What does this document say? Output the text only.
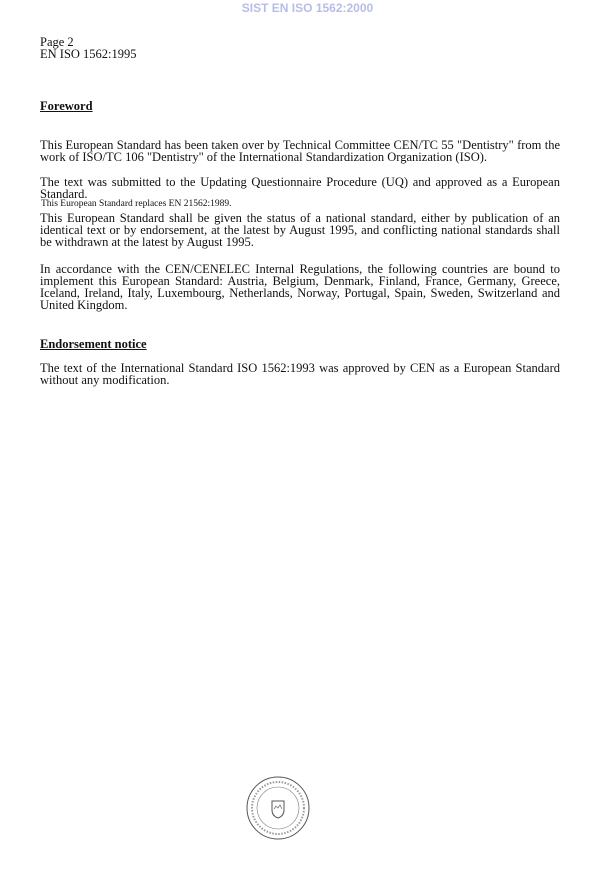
SIST EN ISO 1562:2000
Page 2
EN ISO 1562:1995
Foreword
This European Standard has been taken over by Technical Committee CEN/TC 55 "Dentistry" from the work of ISO/TC 106 "Dentistry" of the International Standardization Organization (ISO).
The text was submitted to the Updating Questionnaire Procedure (UQ) and approved as a European Standard.
This European Standard replaces EN 21562:1989.
This European Standard shall be given the status of a national standard, either by publication of an identical text or by endorsement, at the latest by August 1995, and conflicting national standards shall be withdrawn at the latest by August 1995.
In accordance with the CEN/CENELEC Internal Regulations, the following countries are bound to implement this European Standard: Austria, Belgium, Denmark, Finland, France, Germany, Greece, Iceland, Ireland, Italy, Luxembourg, Netherlands, Norway, Portugal, Spain, Sweden, Switzerland and United Kingdom.
Endorsement notice
The text of the International Standard ISO 1562:1993 was approved by CEN as a European Standard without any modification.
